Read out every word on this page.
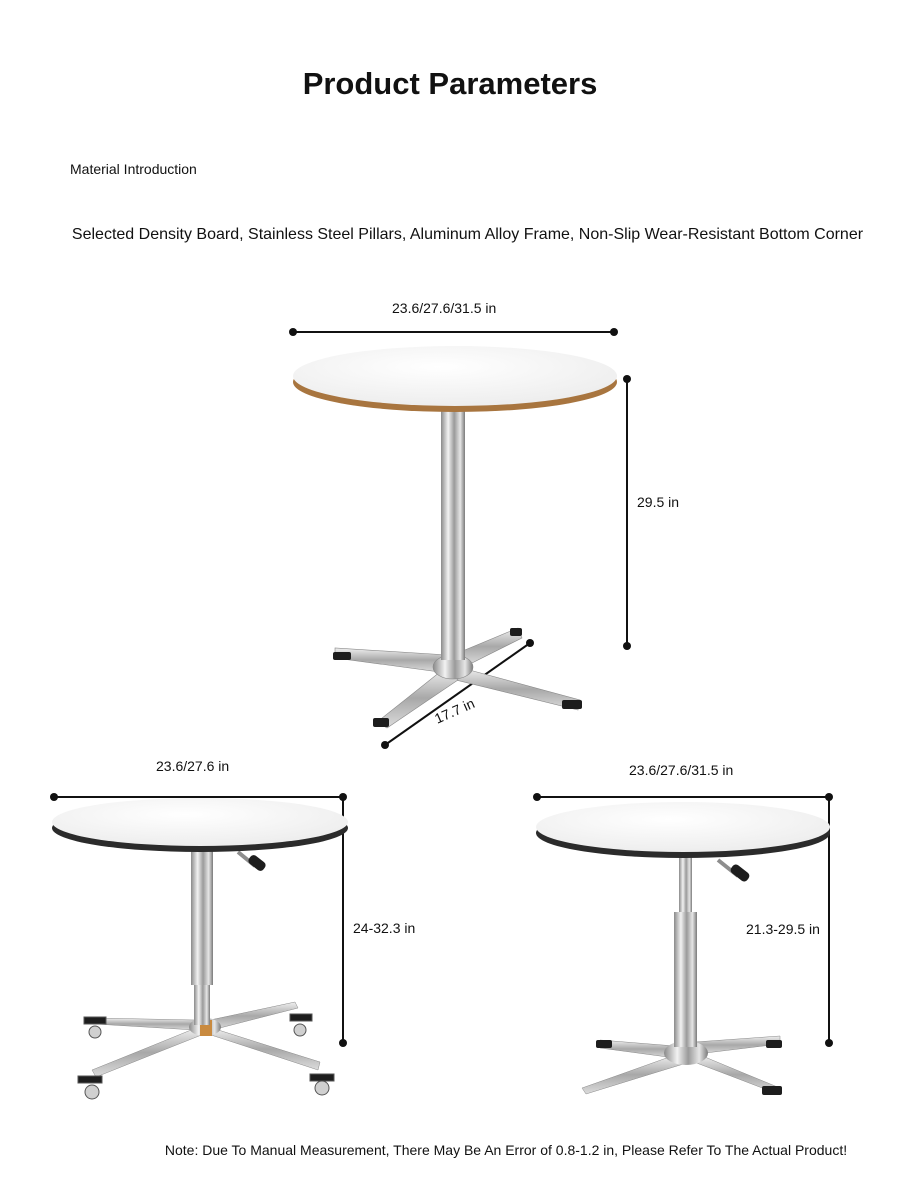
Product Parameters
Material Introduction
Selected Density Board, Stainless Steel Pillars, Aluminum Alloy Frame, Non-Slip Wear-Resistant Bottom Corner
23.6/27.6/31.5 in
29.5 in
17.7 in
23.6/27.6 in
24-32.3 in
23.6/27.6/31.5 in
21.3-29.5 in
Note: Due To Manual Measurement, There May Be An Error of 0.8-1.2 in, Please Refer To The Actual Product!
